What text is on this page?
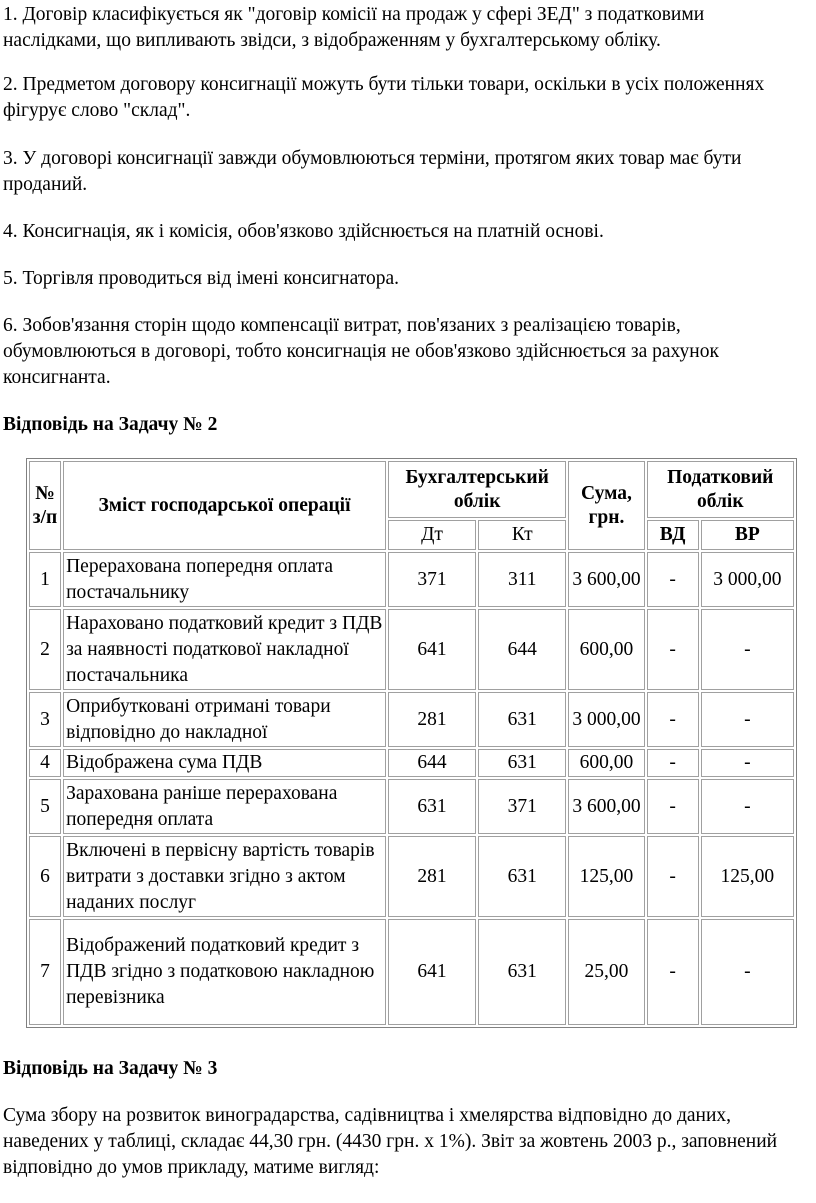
1. Договір класифікується як "договір комісії на продаж у сфері ЗЕД" з податковими наслідками, що випливають звідси, з відображенням у бухгалтерському обліку.

2. Предметом договору консигнації можуть бути тільки товари, оскільки в усіх положеннях фігурує слово "склад".

3. У договорі консигнації завжди обумовлюються терміни, протягом яких товар має бути проданий.

4. Консигнація, як і комісія, обов'язково здійснюється на платній основі.

5. Торгівля проводиться від імені консигнатора.

6. Зобов'язання сторін щодо компенсації витрат, пов'язаних з реалізацією товарів, обумовлюються в договорі, тобто консигнація не обов'язково здійснюється за рахунок консигнанта.

Відповідь на Задачу № 2

№ з/п	Зміст господарської операції	Бухгалтерський облік		Сума, грн.	Податковий облік	
		Дт	Кт		ВД	ВР
1	Перерахована попередня оплата постачальнику	371	311	3 600,00	-	3 000,00
2	Нараховано податковий кредит з ПДВ за наявності податкової накладної постачальника	641	644	600,00	-	-
3	Оприбутковані отримані товари відповідно до накладної	281	631	3 000,00	-	-
4	Відображена сума ПДВ	644	631	600,00	-	-
5	Зарахована раніше перерахована попередня оплата	631	371	3 600,00	-	-
6	Включені в первісну вартість товарів витрати з доставки згідно з актом наданих послуг	281	631	125,00	-	125,00
7	Відображений податковий кредит з ПДВ згідно з податковою накладною перевізника	641	631	25,00	-	-

Відповідь на Задачу № 3

Сума збору на розвиток виноградарства, садівництва і хмелярства відповідно до даних, наведених у таблиці, складає 44,30 грн. (4430 грн. х 1%). Звіт за жовтень 2003 р., заповнений відповідно до умов прикладу, матиме вигляд:
